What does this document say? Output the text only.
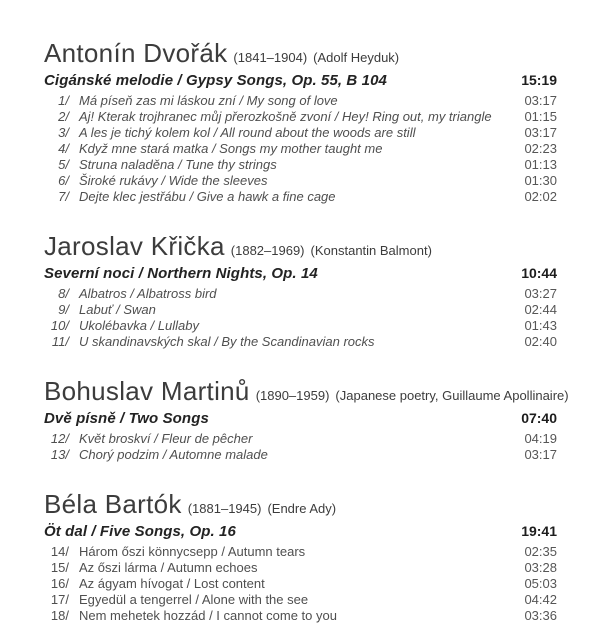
Antonín Dvořák (1841–1904) (Adolf Heyduk)
Cigánské melodie / Gypsy Songs, Op. 55, B 104	15:19
1/ Má píseň zas mi láskou zní / My song of love	03:17
2/ Aj! Kterak trojhranec můj přerozkošně zvoní / Hey! Ring out, my triangle	01:15
3/ A les je tichý kolem kol / All round about the woods are still	03:17
4/ Když mne stará matka / Songs my mother taught me	02:23
5/ Struna naladěna / Tune thy strings	01:13
6/ Široké rukávy / Wide the sleeves	01:30
7/ Dejte klec jestřábu / Give a hawk a fine cage	02:02
Jaroslav Křička (1882–1969) (Konstantin Balmont)
Severní noci / Northern Nights, Op. 14	10:44
8/ Albatros / Albatross bird	03:27
9/ Labuť / Swan	02:44
10/ Ukolébavka / Lullaby	01:43
11/ U skandinavských skal / By the Scandinavian rocks	02:40
Bohuslav Martinů (1890–1959) (Japanese poetry, Guillaume Apollinaire)
Dvě písně / Two Songs	07:40
12/ Květ broskví / Fleur de pêcher	04:19
13/ Chorý podzim / Automne malade	03:17
Béla Bartók (1881–1945) (Endre Ady)
Öt dal / Five Songs, Op. 16	19:41
14/ Három őszi könnycsepp / Autumn tears	02:35
15/ Az őszi lárma / Autumn echoes	03:28
16/ Az ágyam hívogat / Lost content	05:03
17/ Egyedül a tengerrel / Alone with the see	04:42
18/ Nem mehetek hozzád / I cannot come to you	03:36
